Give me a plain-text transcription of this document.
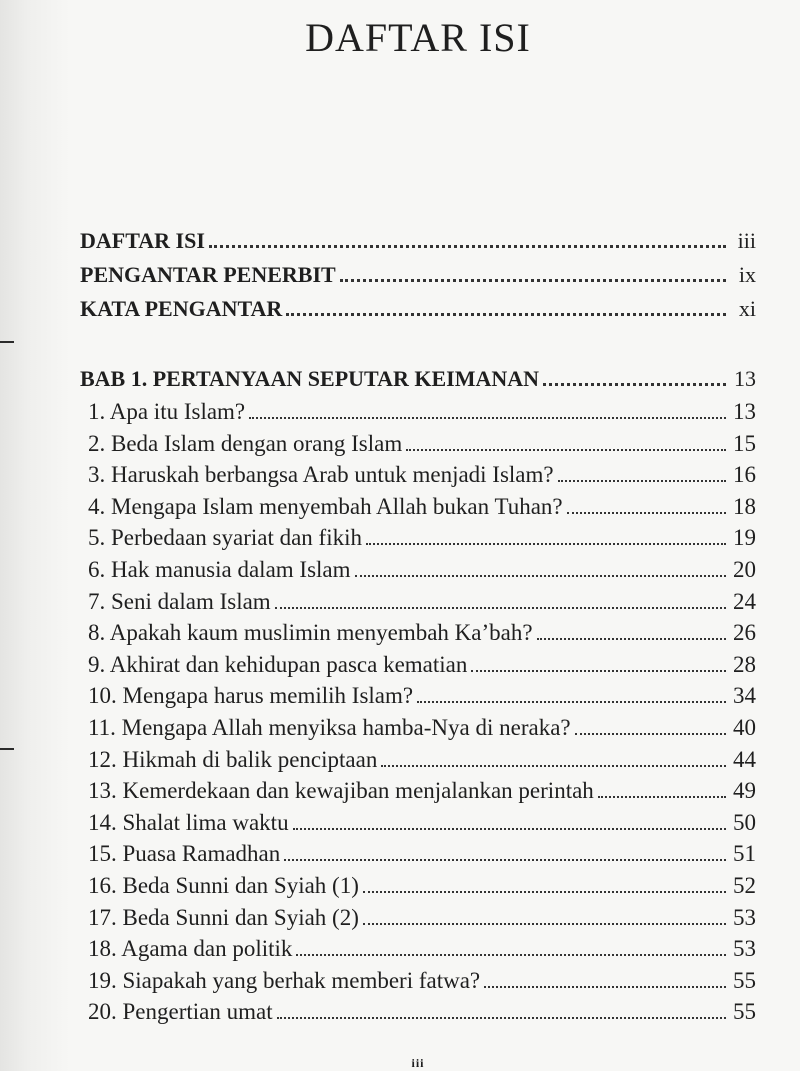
DAFTAR ISI
DAFTAR ISI	iii
PENGANTAR PENERBIT	ix
KATA PENGANTAR	xi
BAB 1. PERTANYAAN SEPUTAR KEIMANAN	13
1. Apa itu Islam?	13
2. Beda Islam dengan orang Islam	15
3. Haruskah berbangsa Arab untuk menjadi Islam?	16
4. Mengapa Islam menyembah Allah bukan Tuhan?	18
5. Perbedaan syariat dan fikih	19
6. Hak manusia dalam Islam	20
7. Seni dalam Islam	24
8. Apakah kaum muslimin menyembah Ka’bah?	26
9. Akhirat dan kehidupan pasca kematian	28
10. Mengapa harus memilih Islam?	34
11. Mengapa Allah menyiksa hamba-Nya di neraka?	40
12. Hikmah di balik penciptaan	44
13. Kemerdekaan dan kewajiban menjalankan perintah	49
14. Shalat lima waktu	50
15. Puasa Ramadhan	51
16. Beda Sunni dan Syiah (1)	52
17. Beda Sunni dan Syiah (2)	53
18. Agama dan politik	53
19. Siapakah yang berhak memberi fatwa?	55
20. Pengertian umat	55
iii
